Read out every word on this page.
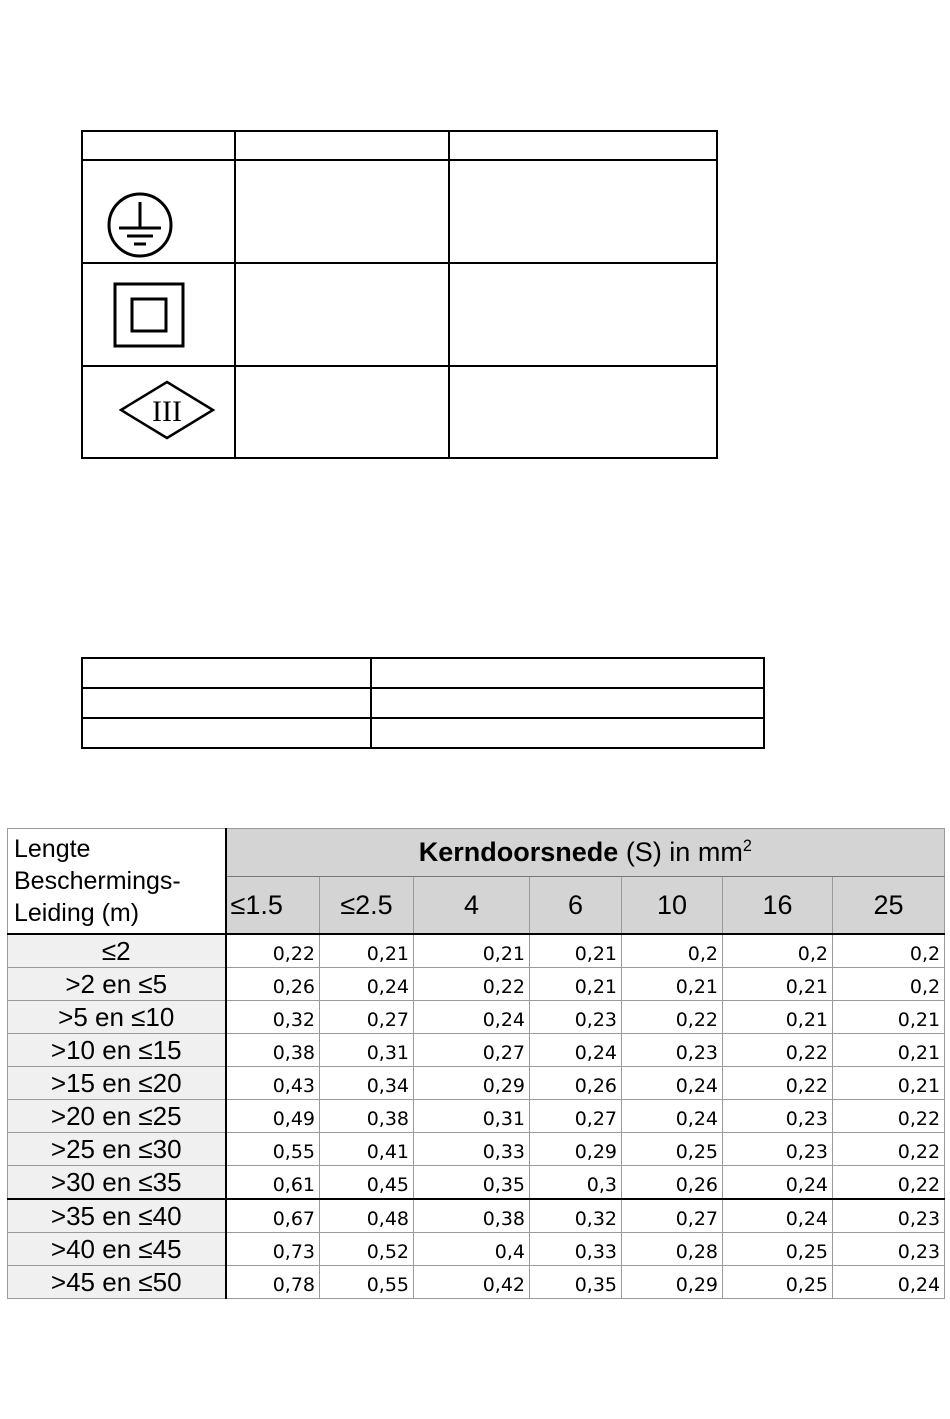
III		

Lengte
Beschermings-
Leiding (m)	Kerndoorsnede (S) in $mm^2$
	≤1.5	≤2.5	4	6	10	16	25
≤2	0,22	0,21	0,21	0,21	0,2	0,2	0,2
>2 en ≤5	0,26	0,24	0,22	0,21	0,21	0,21	0,2
>5 en ≤10	0,32	0,27	0,24	0,23	0,22	0,21	0,21
>10 en ≤15	0,38	0,31	0,27	0,24	0,23	0,22	0,21
>15 en ≤20	0,43	0,34	0,29	0,26	0,24	0,22	0,21
>20 en ≤25	0,49	0,38	0,31	0,27	0,24	0,23	0,22
>25 en ≤30	0,55	0,41	0,33	0,29	0,25	0,23	0,22
>30 en ≤35	0,61	0,45	0,35	0,3	0,26	0,24	0,22
>35 en ≤40	0,67	0,48	0,38	0,32	0,27	0,24	0,23
>40 en ≤45	0,73	0,52	0,4	0,33	0,28	0,25	0,23
>45 en ≤50	0,78	0,55	0,42	0,35	0,29	0,25	0,24
